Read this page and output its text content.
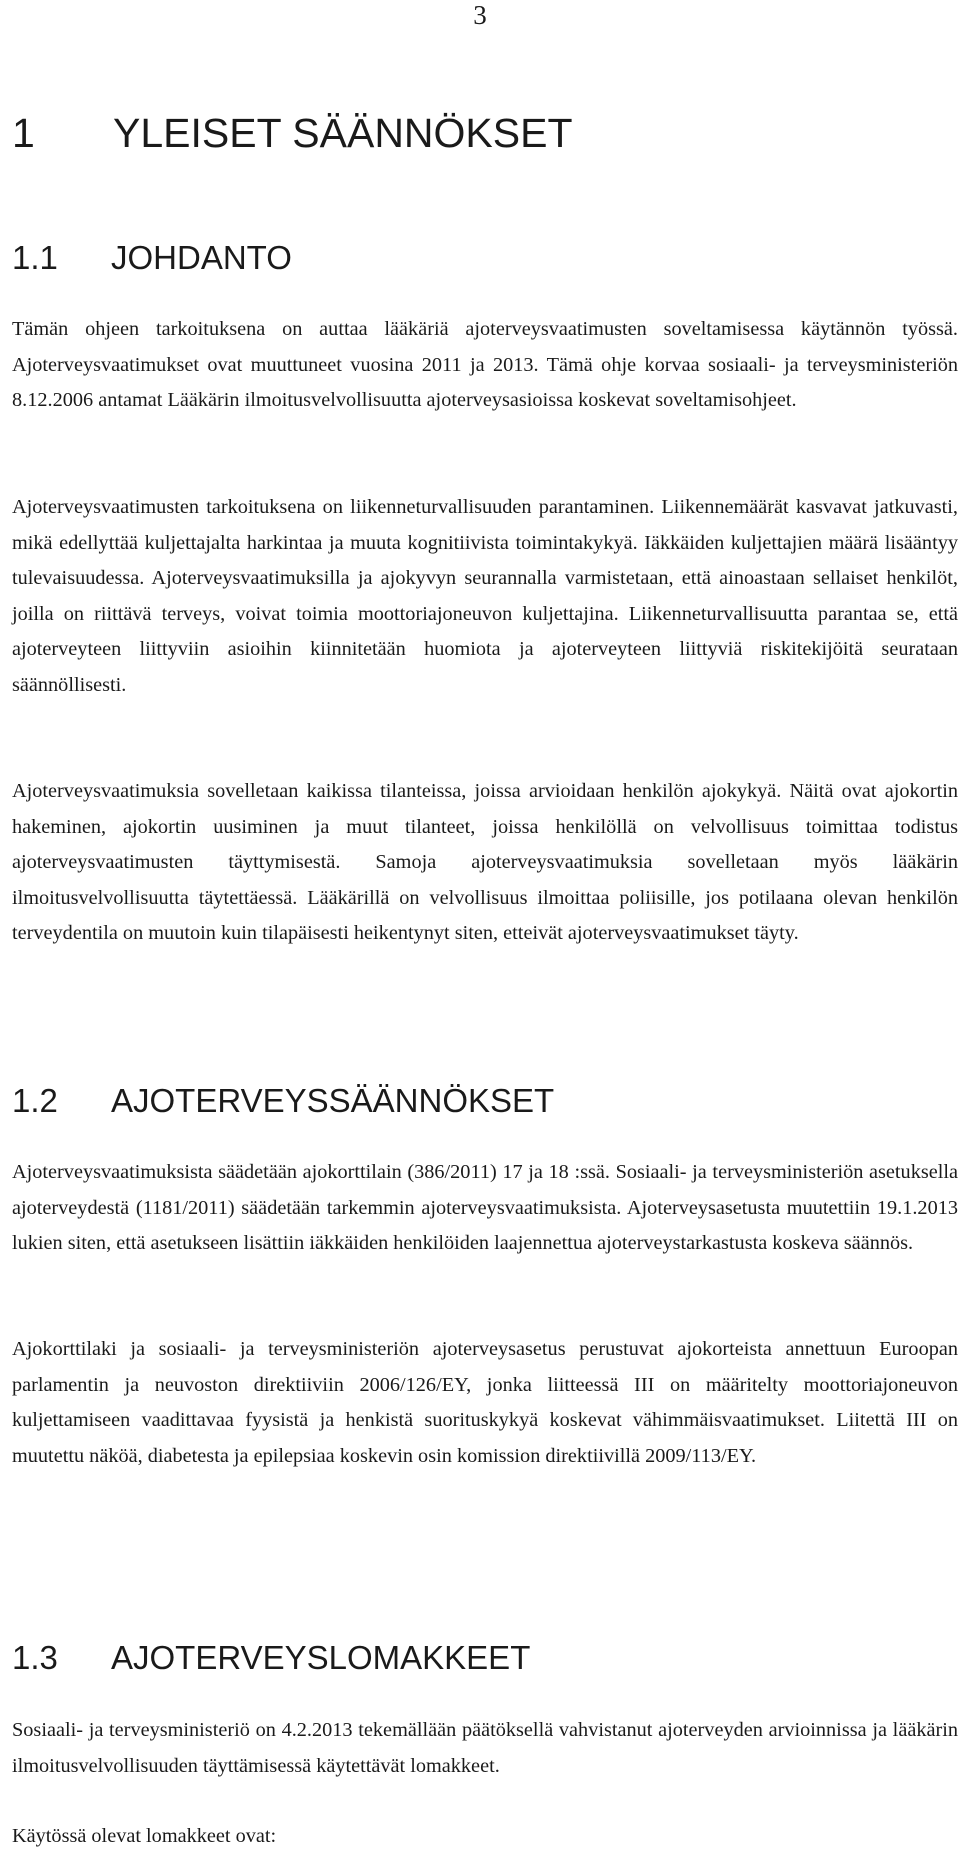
3
1 YLEISET SÄÄNNÖKSET
1.1 JOHDANTO

Tämän ohjeen tarkoituksena on auttaa lääkäriä ajoterveysvaatimusten soveltamisessa käytännön työssä. Ajoterveysvaatimukset ovat muuttuneet vuosina 2011 ja 2013. Tämä ohje korvaa sosiaali- ja terveysministeriön 8.12.2006 antamat Lääkärin ilmoitusvelvollisuutta ajoterveysasioissa koskevat soveltamisohjeet.

Ajoterveysvaatimusten tarkoituksena on liikenneturvallisuuden parantaminen. Liikennemäärät kasvavat jatkuvasti, mikä edellyttää kuljettajalta harkintaa ja muuta kognitiivista toimintakykyä. Iäkkäiden kuljettajien määrä lisääntyy tulevaisuudessa. Ajoterveysvaatimuksilla ja ajokyvyn seurannalla varmistetaan, että ainoastaan sellaiset henkilöt, joilla on riittävä terveys, voivat toimia moottoriajoneuvon kuljettajina. Liikenneturvallisuutta parantaa se, että ajoterveyteen liittyviin asioihin kiinnitetään huomiota ja ajoterveyteen liittyviä riskitekijöitä seurataan säännöllisesti.

Ajoterveysvaatimuksia sovelletaan kaikissa tilanteissa, joissa arvioidaan henkilön ajokykyä. Näitä ovat ajokortin hakeminen, ajokortin uusiminen ja muut tilanteet, joissa henkilöllä on velvollisuus toimittaa todistus ajoterveysvaatimusten täyttymisestä. Samoja ajoterveysvaatimuksia sovelletaan myös lääkärin ilmoitusvelvollisuutta täytettäessä. Lääkärillä on velvollisuus ilmoittaa poliisille, jos potilaana olevan henkilön terveydentila on muutoin kuin tilapäisesti heikentynyt siten, etteivät ajoterveysvaatimukset täyty.

1.2 AJOTERVEYSSÄÄNNÖKSET

Ajoterveysvaatimuksista säädetään ajokorttilain (386/2011) 17 ja 18 :ssä. Sosiaali- ja terveysministeriön asetuksella ajoterveydestä (1181/2011) säädetään tarkemmin ajoterveysvaatimuksista. Ajoterveysasetusta muutettiin 19.1.2013 lukien siten, että asetukseen lisättiin iäkkäiden henkilöiden laajennettua ajoterveystarkastusta koskeva säännös.

Ajokorttilaki ja sosiaali- ja terveysministeriön ajoterveysasetus perustuvat ajokorteista annettuun Euroopan parlamentin ja neuvoston direktiiviin 2006/126/EY, jonka liitteessä III on määritelty moottoriajoneuvon kuljettamiseen vaadittavaa fyysistä ja henkistä suorituskykyä koskevat vähimmäisvaatimukset. Liitettä III on muutettu näköä, diabetesta ja epilepsiaa koskevin osin komission direktiivillä 2009/113/EY.

1.3 AJOTERVEYSLOMAKKEET

Sosiaali- ja terveysministeriö on 4.2.2013 tekemällään päätöksellä vahvistanut ajoterveyden arvioinnissa ja lääkärin ilmoitusvelvollisuuden täyttämisessä käytettävät lomakkeet.

Käytössä olevat lomakkeet ovat:
